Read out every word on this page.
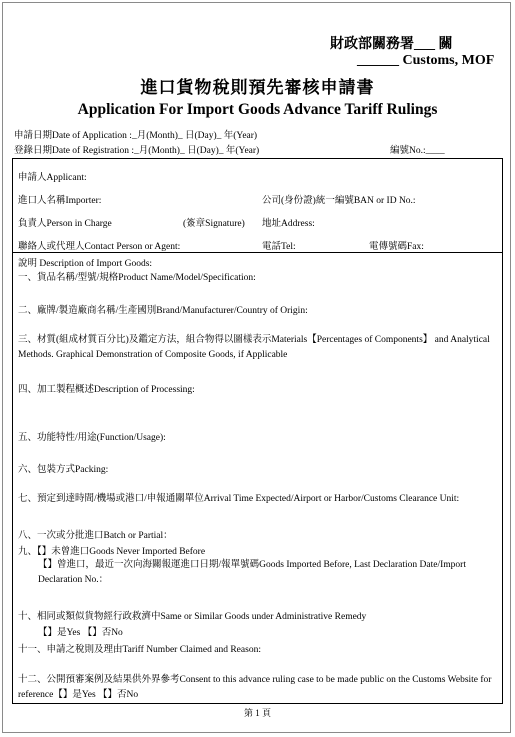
財政部關務署___ 關
______ Customs, MOF
進口貨物稅則預先審核申請書
Application For Import Goods Advance Tariff Rulings
申請日期Date of Application :_月(Month)_ 日(Day)_ 年(Year)
登錄日期Date of Registration :_月(Month)_ 日(Day)_ 年(Year)	編號No.:____
申請人Applicant:
進口人名稱Importer:	公司(身份證)統一編號BAN or ID No.:
負責人Person in Charge	(簽章Signature) 地址Address:
聯絡人或代理人Contact Person or Agent:	電話Tel:	電傳號碼Fax:
說明 Description of Import Goods:
一、貨品名稱/型號/規格Product Name/Model/Specification:
二、廠牌/製造廠商名稱/生產國別Brand/Manufacturer/Country of Origin:
三、材質(組成材質百分比)及鑑定方法，組合物得以圖樣表示Materials【Percentages of Components】 and Analytical Methods. Graphical Demonstration of Composite Goods, if Applicable
四、加工製程概述Description of Processing:
五、功能特性/用途(Function/Usage):
六、包裝方式Packing:
七、預定到達時間/機場或港口/申報通關單位Arrival Time Expected/Airport or Harbor/Customs Clearance Unit:
八、一次或分批進口Batch or Partial：
九、【】未曾進口Goods Never Imported Before
【】曾進口，最近一次向海關報運進口日期/報單號碼Goods Imported Before, Last Declaration Date/Import Declaration No.：
十、相同或類似貨物經行政救濟中Same or Similar Goods under Administrative Remedy
【】是Yes 【】否No
十一、申請之稅則及理由Tariff Number Claimed and Reason:
十二、公開預審案例及結果供外界參考Consent to this advance ruling case to be made public on the Customs Website for reference【】是Yes 【】否No
第 1 頁
